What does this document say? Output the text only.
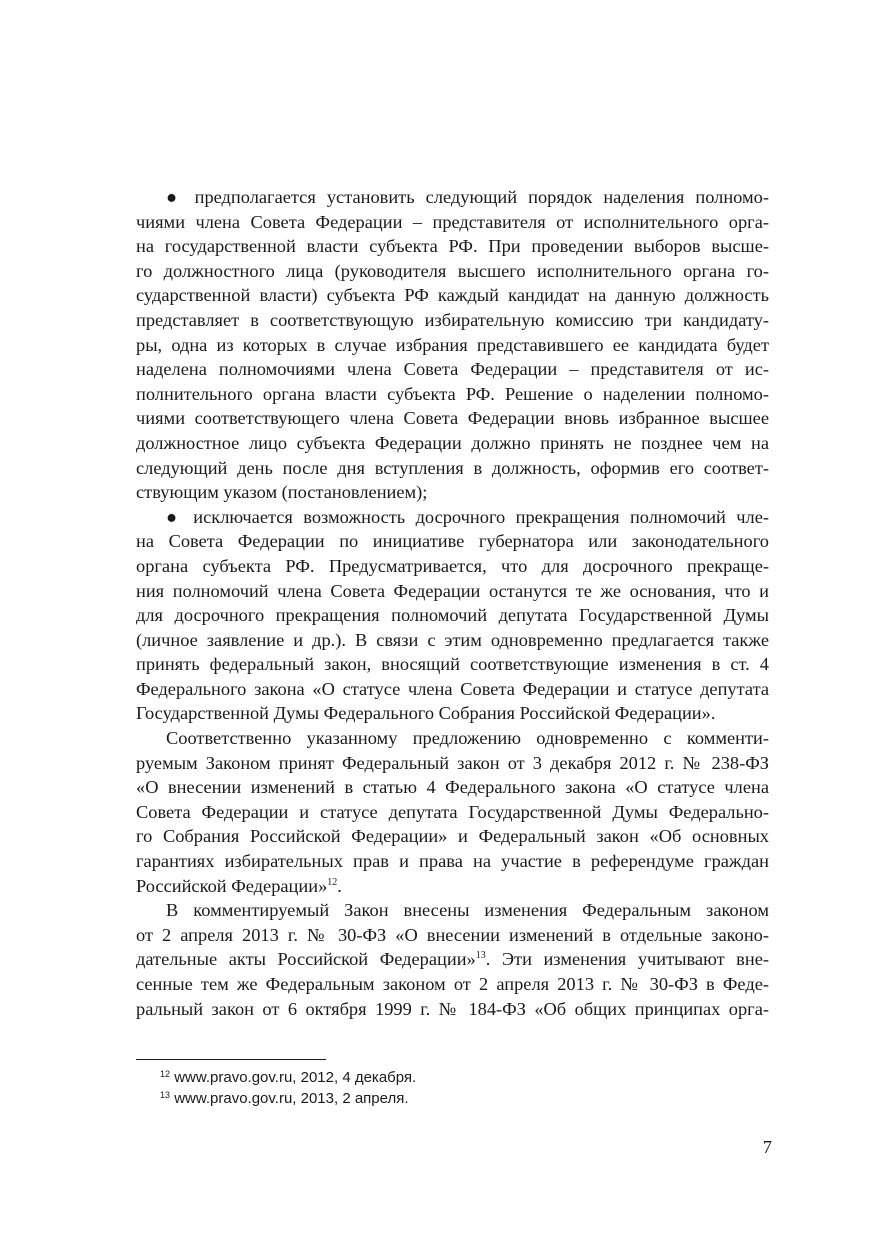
● предполагается установить следующий порядок наделения полномо-
чиями члена Совета Федерации – представителя от исполнительного орга-
на государственной власти субъекта РФ. При проведении выборов высше-
го должностного лица (руководителя высшего исполнительного органа го-
сударственной власти) субъекта РФ каждый кандидат на данную должность
представляет в соответствующую избирательную комиссию три кандидату-
ры, одна из которых в случае избрания представившего ее кандидата будет
наделена полномочиями члена Совета Федерации – представителя от ис-
полнительного органа власти субъекта РФ. Решение о наделении полномо-
чиями соответствующего члена Совета Федерации вновь избранное высшее
должностное лицо субъекта Федерации должно принять не позднее чем на
следующий день после дня вступления в должность, оформив его соответ-
ствующим указом (постановлением);
● исключается возможность досрочного прекращения полномочий чле-
на Совета Федерации по инициативе губернатора или законодательного
органа субъекта РФ. Предусматривается, что для досрочного прекраще-
ния полномочий члена Совета Федерации останутся те же основания, что и
для досрочного прекращения полномочий депутата Государственной Думы
(личное заявление и др.). В связи с этим одновременно предлагается также
принять федеральный закон, вносящий соответствующие изменения в ст. 4
Федерального закона «О статусе члена Совета Федерации и статусе депутата
Государственной Думы Федерального Собрания Российской Федерации».
Соответственно указанному предложению одновременно с комменти-
руемым Законом принят Федеральный закон от 3 декабря 2012 г. № 238-ФЗ
«О внесении изменений в статью 4 Федерального закона «О статусе члена
Совета Федерации и статусе депутата Государственной Думы Федерально-
го Собрания Российской Федерации» и Федеральный закон «Об основных
гарантиях избирательных прав и права на участие в референдуме граждан
Российской Федерации»$^{12}$.
В комментируемый Закон внесены изменения Федеральным законом
от 2 апреля 2013 г. № 30-ФЗ «О внесении изменений в отдельные законо-
дательные акты Российской Федерации»$^{13}$. Эти изменения учитывают вне-
сенные тем же Федеральным законом от 2 апреля 2013 г. № 30-ФЗ в Феде-
ральный закон от 6 октября 1999 г. № 184-ФЗ «Об общих принципах орга-
$^{12}$ www.pravo.gov.ru, 2012, 4 декабря.
$^{13}$ www.pravo.gov.ru, 2013, 2 апреля.
7
